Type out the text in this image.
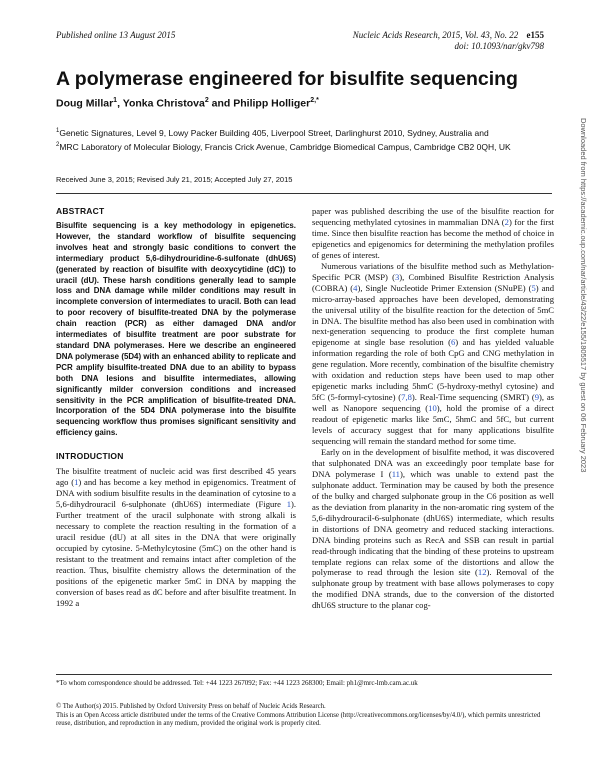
Published online 13 August 2015	Nucleic Acids Research, 2015, Vol. 43, No. 22 e155
doi: 10.1093/nar/gkv798
A polymerase engineered for bisulfite sequencing
Doug Millar$^1$, Yonka Christova$^2$ and Philipp Holliger$^{2,*}$
$^1$Genetic Signatures, Level 9, Lowy Packer Building 405, Liverpool Street, Darlinghurst 2010, Sydney, Australia and
$^2$MRC Laboratory of Molecular Biology, Francis Crick Avenue, Cambridge Biomedical Campus, Cambridge CB2 0QH, UK
Received June 3, 2015; Revised July 21, 2015; Accepted July 27, 2015
ABSTRACT

Bisulfite sequencing is a key methodology in epigenetics. However, the standard workflow of bisulfite sequencing involves heat and strongly basic conditions to convert the intermediary product 5,6-dihydrouridine-6-sulfonate (dhU6S) (generated by reaction of bisulfite with deoxycytidine (dC)) to uracil (dU). These harsh conditions generally lead to sample loss and DNA damage while milder conditions may result in incomplete conversion of intermediates to uracil. Both can lead to poor recovery of bisulfite-treated DNA by the polymerase chain reaction (PCR) as either damaged DNA and/or intermediates of bisulfite treatment are poor substrate for standard DNA polymerases. Here we describe an engineered DNA polymerase (5D4) with an enhanced ability to replicate and PCR amplify bisulfite-treated DNA due to an ability to bypass both DNA lesions and bisulfite intermediates, allowing significantly milder conversion conditions and increased sensitivity in the PCR amplification of bisulfite-treated DNA. Incorporation of the 5D4 DNA polymerase into the bisulfite sequencing workflow thus promises significant sensitivity and efficiency gains.

INTRODUCTION

The bisulfite treatment of nucleic acid was first described 45 years ago (1) and has become a key method in epigenomics. Treatment of DNA with sodium bisulfite results in the deamination of cytosine to a 5,6-dihydrouracil 6-sulphonate (dhU6S) intermediate (Figure 1). Further treatment of the uracil sulphonate with strong alkali is necessary to complete the reaction resulting in the formation of a uracil residue (dU) at all sites in the DNA that were originally occupied by cytosine. 5-Methylcytosine (5mC) on the other hand is resistant to the treatment and remains intact after completion of the reaction. Thus, bisulfite chemistry allows the determination of the positions of the epigenetic marker 5mC in DNA by mapping the conversion of bases read as dC before and after bisulfite treatment. In 1992 a

paper was published describing the use of the bisulfite reaction for sequencing methylated cytosines in mammalian DNA (2) for the first time. Since then bisulfite reaction has become the method of choice in epigenetics and epigenomics for determining the methylation profiles of genes of interest.

Numerous variations of the bisulfite method such as Methylation-Specific PCR (MSP) (3), Combined Bisulfite Restriction Analysis (COBRA) (4), Single Nucleotide Primer Extension (SNuPE) (5) and micro-array-based approaches have been developed, demonstrating the universal utility of the bisulfite reaction for the detection of 5mC in DNA. The bisulfite method has also been used in combination with next-generation sequencing to produce the first complete human epigenome at single base resolution (6) and has yielded valuable information regarding the role of both CpG and CNG methylation in gene regulation. More recently, combination of the bisulfite chemistry with oxidation and reduction steps have been used to map other epigenetic marks including 5hmC (5-hydroxy-methyl cytosine) and 5fC (5-formyl-cytosine) (7,8). Real-Time sequencing (SMRT) (9), as well as Nanopore sequencing (10), hold the promise of a direct readout of epigenetic marks like 5mC, 5hmC and 5fC, but current levels of accuracy suggest that for many applications bisulfite sequencing will remain the standard method for some time.

Early on in the development of bisulfite method, it was discovered that sulphonated DNA was an exceedingly poor template base for DNA polymerase I (11), which was unable to extend past the sulphonate adduct. Termination may be caused by both the presence of the bulky and charged sulphonate group in the C6 position as well as the deviation from planarity in the non-aromatic ring system of the 5,6-dihydrouracil-6-sulphonate (dhU6S) intermediate, which results in distortions of DNA geometry and reduced stacking interactions. DNA binding proteins such as RecA and SSB can result in partial read-through indicating that the binding of these proteins to upstream template regions can relax some of the distortions and allow the polymerase to read through the lesion site (12). Removal of the sulphonate group by treatment with base allows polymerases to copy the modified DNA strands, due to the conversion of the distorted dhU6S structure to the planar cog-

*To whom correspondence should be addressed. Tel: +44 1223 267092; Fax: +44 1223 268300; Email: ph1@mrc-lmb.cam.ac.uk
© The Author(s) 2015. Published by Oxford University Press on behalf of Nucleic Acids Research.
This is an Open Access article distributed under the terms of the Creative Commons Attribution License (http://creativecommons.org/licenses/by/4.0/), which permits unrestricted reuse, distribution, and reproduction in any medium, provided the original work is properly cited.
Downloaded from https://academic.oup.com/nar/article/43/22/e155/1805517 by guest on 06 February 2023
